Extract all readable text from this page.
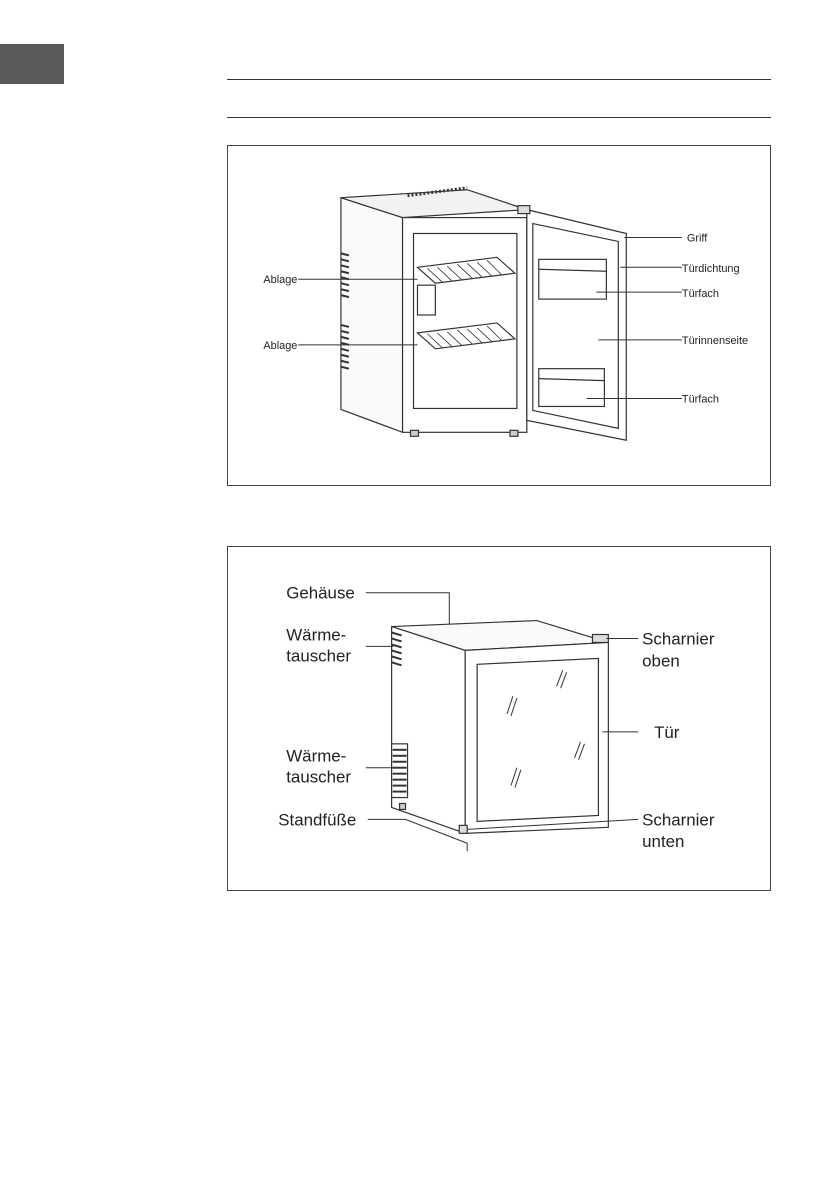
Ablage
Ablage
Griff
Türdichtung
Türfach
Türinnenseite
Türfach
Gehäuse
Wärme-
tauscher
Scharnier
oben
Tür
Wärme-
tauscher
Standfüße	Scharnier
unten
